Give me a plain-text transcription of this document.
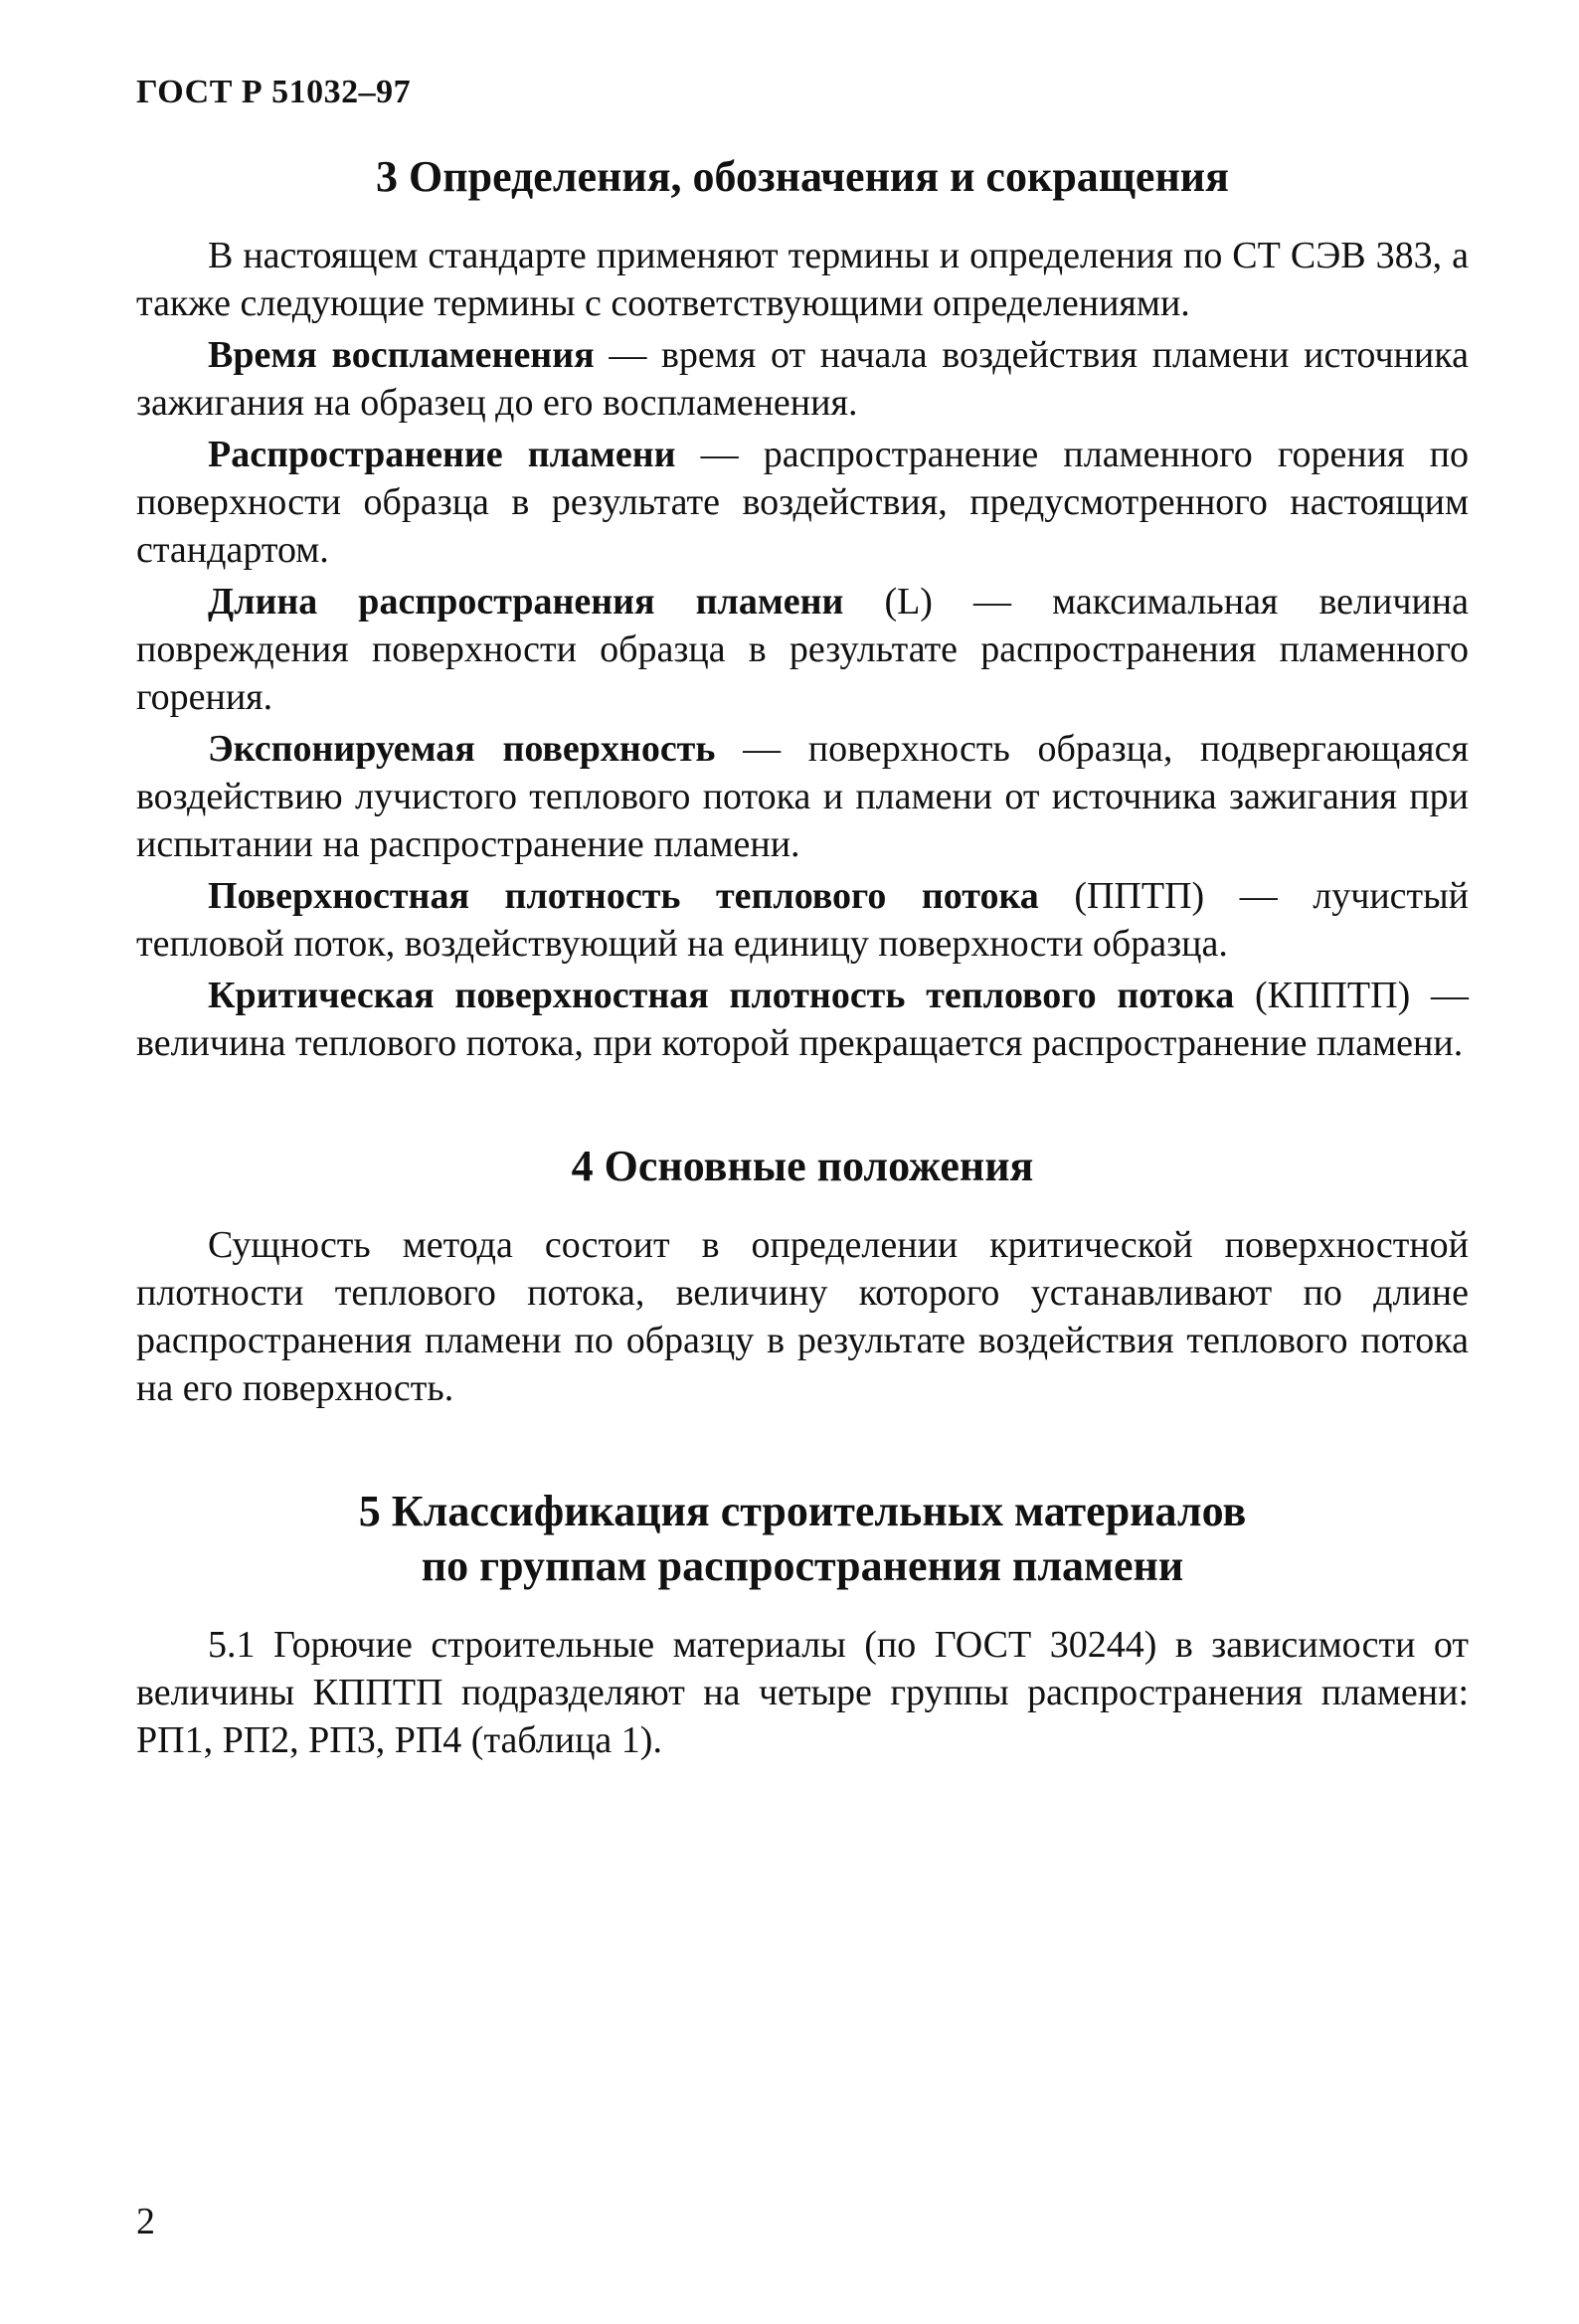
ГОСТ Р 51032–97
3 Определения, обозначения и сокращения

В настоящем стандарте применяют термины и определения по СТ СЭВ 383, а также следующие термины с соответствующими определениями.

Время воспламенения — время от начала воздействия пламени источника зажигания на образец до его воспламенения.

Распространение пламени — распространение пламенного горения по поверхности образца в результате воздействия, предусмотренного настоящим стандартом.

Длина распространения пламени (L) — максимальная величина повреждения поверхности образца в результате распространения пламенного горения.

Экспонируемая поверхность — поверхность образца, подвергающаяся воздействию лучистого теплового потока и пламени от источника зажигания при испытании на распространение пламени.

Поверхностная плотность теплового потока (ППТП) — лучистый тепловой поток, воздействующий на единицу поверхности образца.

Критическая поверхностная плотность теплового потока (КППТП) — величина теплового потока, при которой прекращается распространение пламени.

4 Основные положения

Сущность метода состоит в определении критической поверхностной плотности теплового потока, величину которого устанавливают по длине распространения пламени по образцу в результате воздействия теплового потока на его поверхность.

5 Классификация строительных материалов
по группам распространения пламени

5.1 Горючие строительные материалы (по ГОСТ 30244) в зависимости от величины КППТП подразделяют на четыре группы распространения пламени: РП1, РП2, РП3, РП4 (таблица 1).

2
